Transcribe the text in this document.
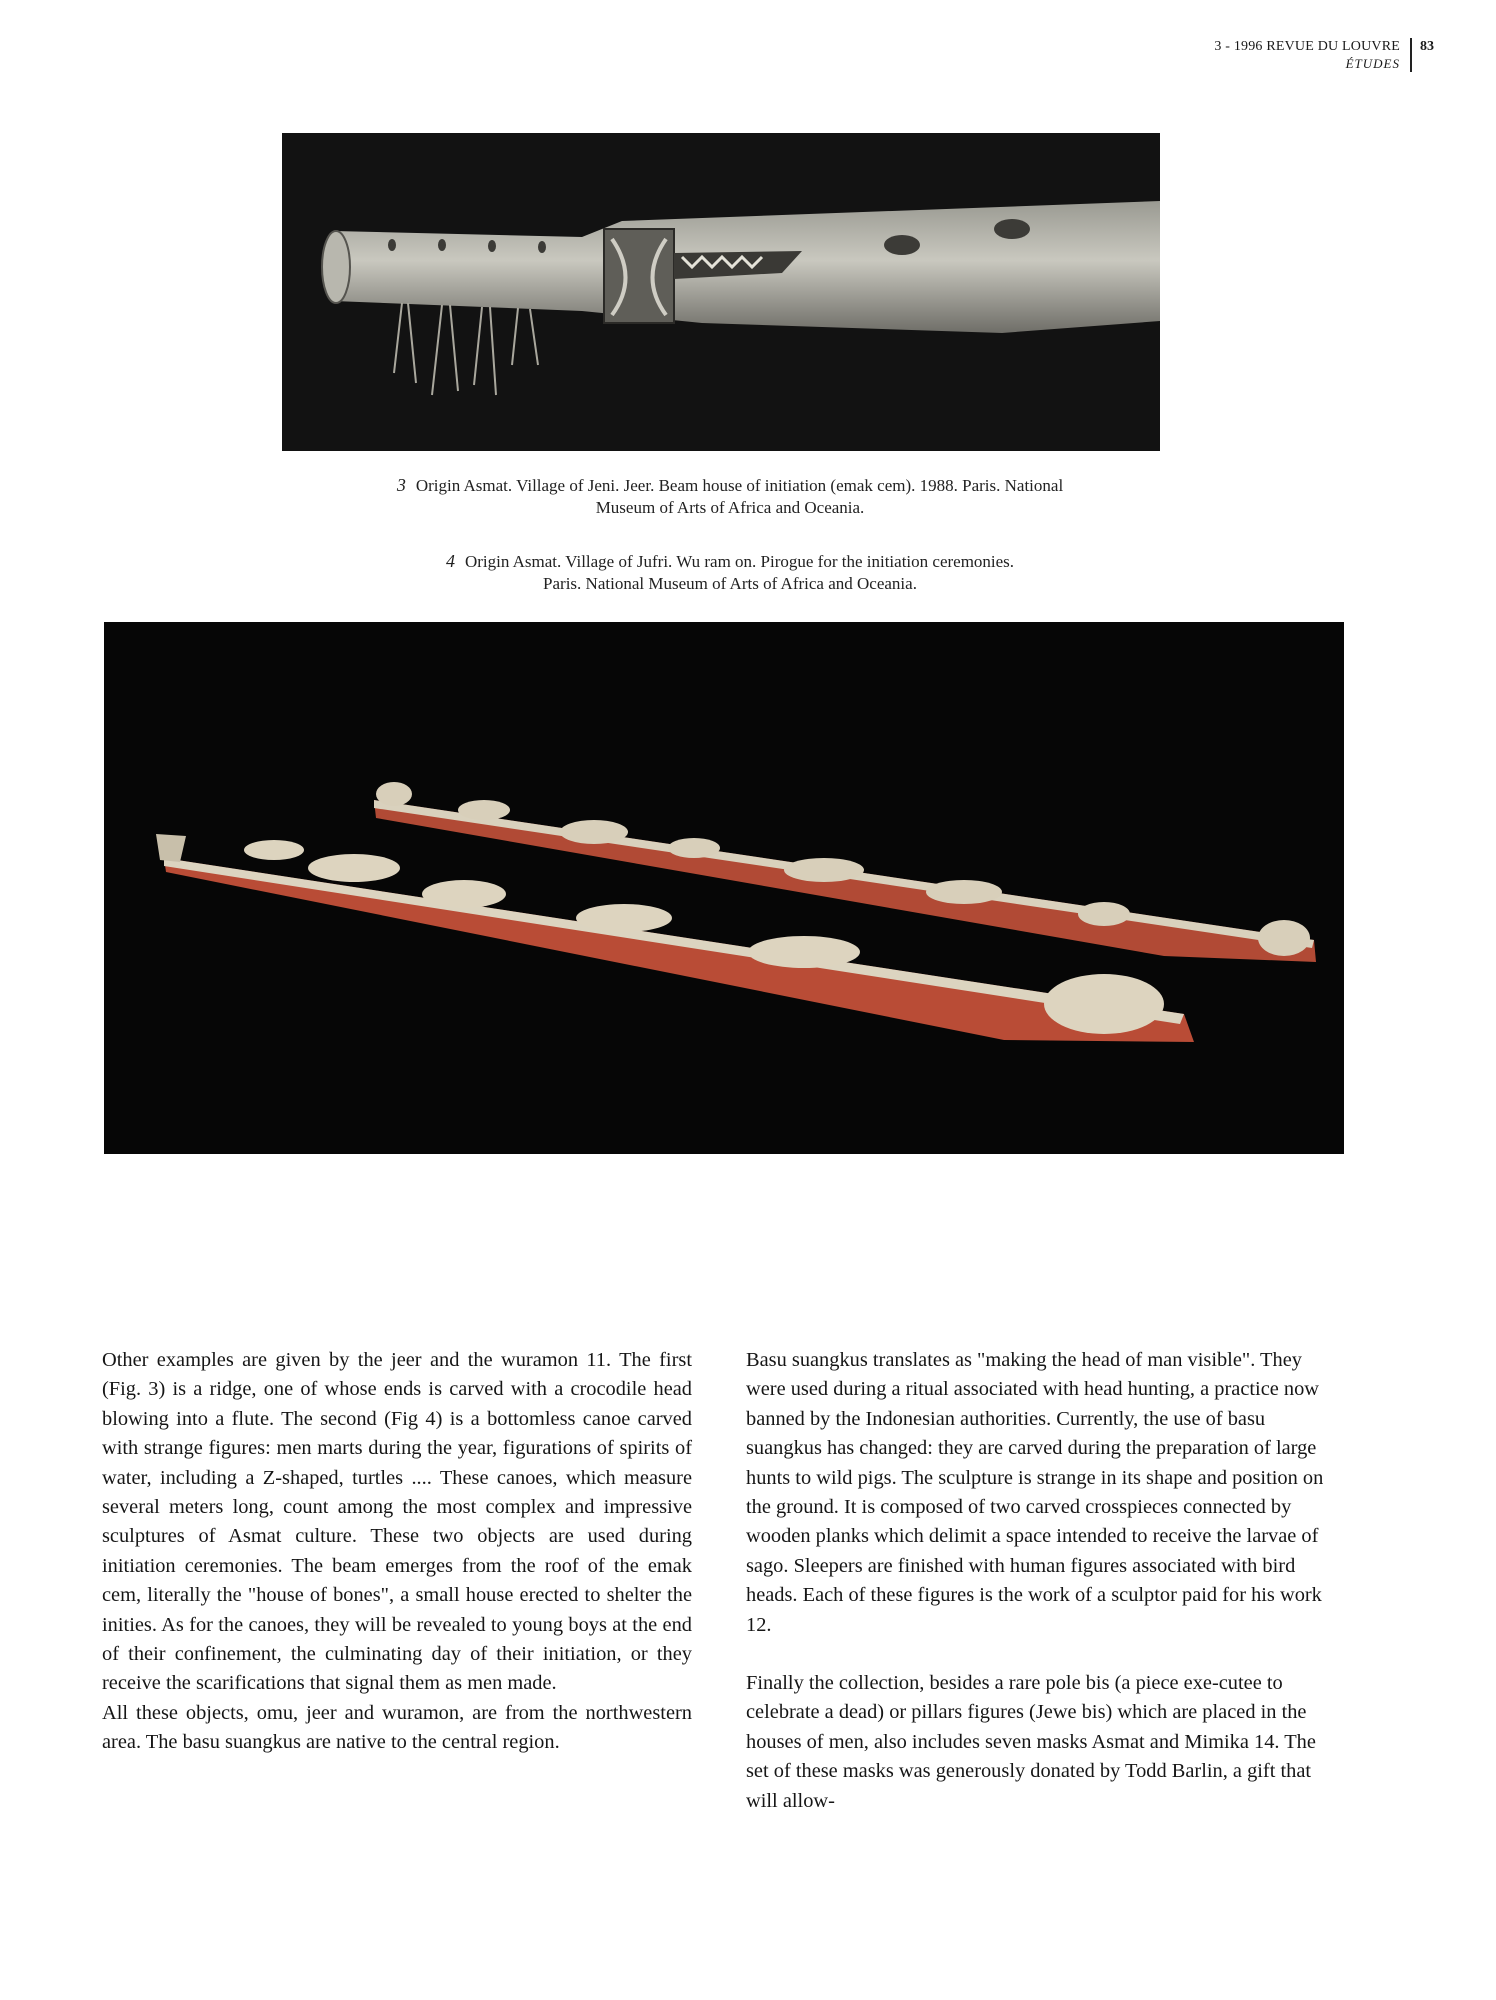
3 - 1996 REVUE DU LOUVRE
ÉTUDES
83
3 Origin Asmat. Village of Jeni. Jeer. Beam house of initiation (emak cem). 1988. Paris. National
Museum of Arts of Africa and Oceania.
4 Origin Asmat. Village of Jufri. Wu ram on. Pirogue for the initiation ceremonies.
Paris. National Museum of Arts of Africa and Oceania.

Other examples are given by the jeer and the wuramon 11. The first (Fig. 3) is a ridge, one of whose ends is carved with a crocodile head blowing into a flute. The second (Fig 4) is a bottomless canoe carved with strange figures: men marts during the year, figurations of spirits of water, including a Z-shaped, turtles .... These canoes, which measure several meters long, count among the most complex and impressive sculptures of Asmat culture. These two objects are used during initiation ceremonies. The beam emerges from the roof of the emak cem, literally the "house of bones", a small house erected to shelter the inities. As for the canoes, they will be revealed to young boys at the end of their confinement, the culminating day of their initiation, or they receive the scarifications that signal them as men made.

All these objects, omu, jeer and wuramon, are from the northwestern area. The basu suangkus are native to the central region.

Basu suangkus translates as "making the head of man visible". They were used during a ritual associated with head hunting, a practice now banned by the Indonesian authorities. Currently, the use of basu suangkus has changed: they are carved during the preparation of large hunts to wild pigs. The sculpture is strange in its shape and position on the ground. It is composed of two carved crosspieces connected by wooden planks which delimit a space intended to receive the larvae of sago. Sleepers are finished with human figures associated with bird heads. Each of these figures is the work of a sculptor paid for his work 12.

Finally the collection, besides a rare pole bis (a piece exe-cutee to celebrate a dead) or pillars figures (Jewe bis) which are placed in the houses of men, also includes seven masks Asmat and Mimika 14. The set of these masks was generously donated by Todd Barlin, a gift that will allow-
